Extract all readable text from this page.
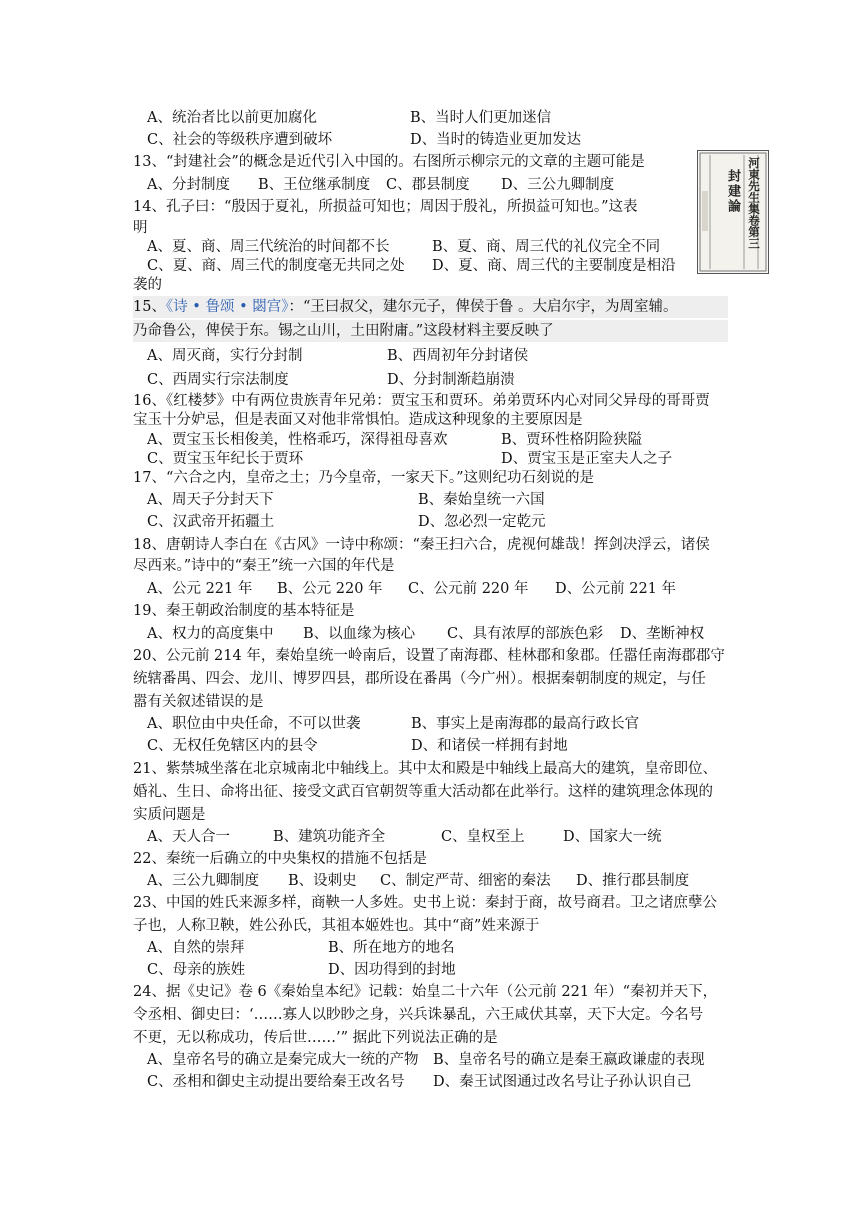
A、统治者比以前更加腐化	B、当时人们更加迷信
C、社会的等级秩序遭到破坏	D、当时的铸造业更加发达
13、“封建社会”的概念是近代引入中国的。右图所示柳宗元的文章的主题可能是
A、分封制度 B、王位继承制度 C、郡县制度 D、三公九卿制度	河東先生集卷第三
封建論
14、孔子曰：“殷因于夏礼，所损益可知也；周因于殷礼，所损益可知也。”这表
明
A、夏、商、周三代统治的时间都不长	B、夏、商、周三代的礼仪完全不同
C、夏、商、周三代的制度毫无共同之处 D、夏、商、周三代的主要制度是相沿
袭的
15、《诗 • 鲁颂 • 閟宫》：“王曰叔父，建尔元子，俾侯于鲁 。大启尔宇，为周室辅。
乃命鲁公，俾侯于东。锡之山川，土田附庸。”这段材料主要反映了
A、周灭商，实行分封制	B、西周初年分封诸侯
C、西周实行宗法制度	D、分封制渐趋崩溃
16、《红楼梦》中有两位贵族青年兄弟：贾宝玉和贾环。弟弟贾环内心对同父异母的哥哥贾
宝玉十分妒忌，但是表面又对他非常惧怕。造成这种现象的主要原因是
A、贾宝玉长相俊美，性格乖巧，深得祖母喜欢	B、贾环性格阴险狭隘
C、贾宝玉年纪长于贾环	D、贾宝玉是正室夫人之子
17、“六合之内，皇帝之土；乃今皇帝，一家天下。”这则纪功石刻说的是
A、周天子分封天下	B、秦始皇统一六国
C、汉武帝开拓疆土	D、忽必烈一定乾元
18、唐朝诗人李白在《古风》一诗中称颂：“秦王扫六合，虎视何雄哉！挥剑决浮云，诸侯
尽西来。”诗中的“秦王”统一六国的年代是
A、公元 221 年 B、公元 220 年 C、公元前 220 年 D、公元前 221 年
19、秦王朝政治制度的基本特征是
A、权力的高度集中 B、以血缘为核心 C、具有浓厚的部族色彩 D、垄断神权
20、公元前 214 年，秦始皇统一岭南后，设置了南海郡、桂林郡和象郡。任嚣任南海郡郡守
统辖番禺、四会、龙川、博罗四县，郡所设在番禺（今广州）。根据秦朝制度的规定，与任
嚣有关叙述错误的是
A、职位由中央任命，不可以世袭	B、事实上是南海郡的最高行政长官
C、无权任免辖区内的县令	D、和诸侯一样拥有封地
21、紫禁城坐落在北京城南北中轴线上。其中太和殿是中轴线上最高大的建筑，皇帝即位、
婚礼、生日、命将出征、接受文武百官朝贺等重大活动都在此举行。这样的建筑理念体现的
实质问题是
A、天人合一	B、建筑功能齐全	C、皇权至上	D、国家大一统
22、秦统一后确立的中央集权的措施不包括是
A、三公九卿制度 B、设刺史 C、制定严苛、细密的秦法 D、推行郡县制度
23、中国的姓氏来源多样，商鞅一人多姓。史书上说：秦封于商，故号商君。卫之诸庶孽公
子也，人称卫鞅，姓公孙氏，其祖本姬姓也。其中“商”姓来源于
A、自然的崇拜	B、所在地方的地名
C、母亲的族姓	D、因功得到的封地
24、据《史记》卷 6《秦始皇本纪》记载：始皇二十六年（公元前 221 年）“秦初并天下，
令丞相、御史曰：‘……寡人以眇眇之身，兴兵诛暴乱，六王咸伏其辜，天下大定。今名号
不更，无以称成功，传后世……’” 据此下列说法正确的是
A、皇帝名号的确立是秦完成大一统的产物 B、皇帝名号的确立是秦王嬴政谦虚的表现
C、丞相和御史主动提出要给秦王改名号 D、秦王试图通过改名号让子孙认识自己
